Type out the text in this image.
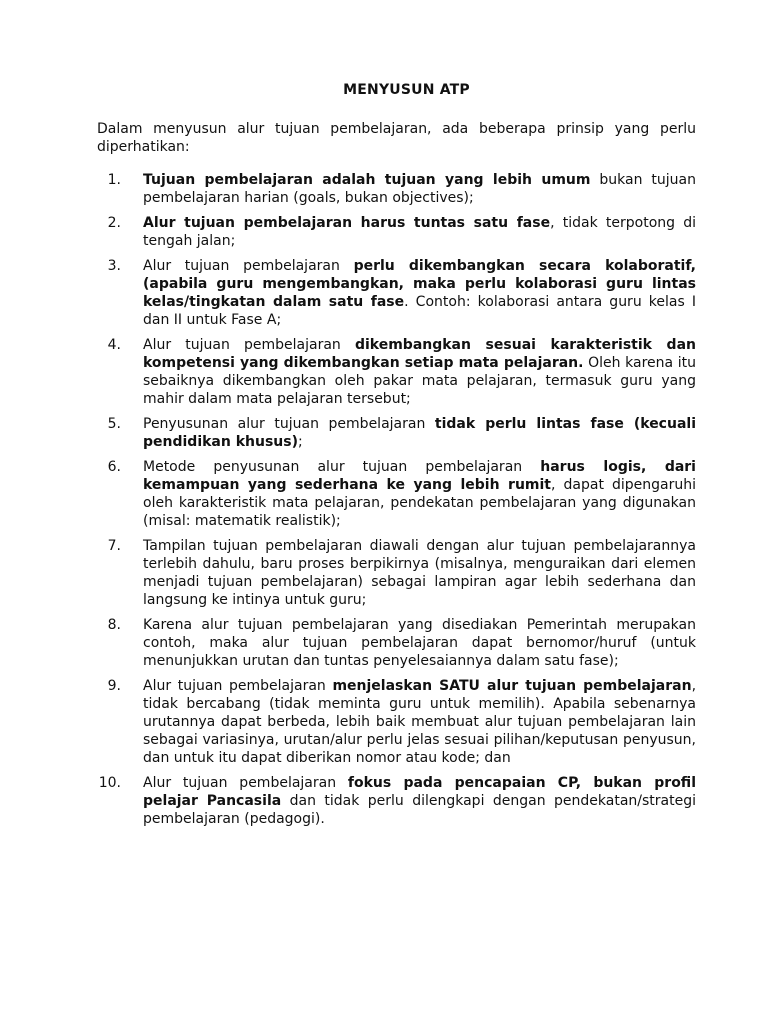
MENYUSUN ATP

Dalam menyusun alur tujuan pembelajaran, ada beberapa prinsip yang perlu diperhatikan:

1.	Tujuan pembelajaran adalah tujuan yang lebih umum bukan tujuan pembelajaran harian (goals, bukan objectives);
2.	Alur tujuan pembelajaran harus tuntas satu fase, tidak terpotong di tengah jalan;
3.	Alur tujuan pembelajaran perlu dikembangkan secara kolaboratif, (apabila guru mengembangkan, maka perlu kolaborasi guru lintas kelas/tingkatan dalam satu fase. Contoh: kolaborasi antara guru kelas I dan II untuk Fase A;
4.	Alur tujuan pembelajaran dikembangkan sesuai karakteristik dan kompetensi yang dikembangkan setiap mata pelajaran. Oleh karena itu sebaiknya dikembangkan oleh pakar mata pelajaran, termasuk guru yang mahir dalam mata pelajaran tersebut;
5.	Penyusunan alur tujuan pembelajaran tidak perlu lintas fase (kecuali pendidikan khusus);
6.	Metode penyusunan alur tujuan pembelajaran harus logis, dari kemampuan yang sederhana ke yang lebih rumit, dapat dipengaruhi oleh karakteristik mata pelajaran, pendekatan pembelajaran yang digunakan (misal: matematik realistik);
7.	Tampilan tujuan pembelajaran diawali dengan alur tujuan pembelajarannya terlebih dahulu, baru proses berpikirnya (misalnya, menguraikan dari elemen menjadi tujuan pembelajaran) sebagai lampiran agar lebih sederhana dan langsung ke intinya untuk guru;
8.	Karena alur tujuan pembelajaran yang disediakan Pemerintah merupakan contoh, maka alur tujuan pembelajaran dapat bernomor/huruf (untuk menunjukkan urutan dan tuntas penyelesaiannya dalam satu fase);
9.	Alur tujuan pembelajaran menjelaskan SATU alur tujuan pembelajaran, tidak bercabang (tidak meminta guru untuk memilih). Apabila sebenarnya urutannya dapat berbeda, lebih baik membuat alur tujuan pembelajaran lain sebagai variasinya, urutan/alur perlu jelas sesuai pilihan/keputusan penyusun, dan untuk itu dapat diberikan nomor atau kode; dan
10.	Alur tujuan pembelajaran fokus pada pencapaian CP, bukan profil pelajar Pancasila dan tidak perlu dilengkapi dengan pendekatan/strategi pembelajaran (pedagogi).
